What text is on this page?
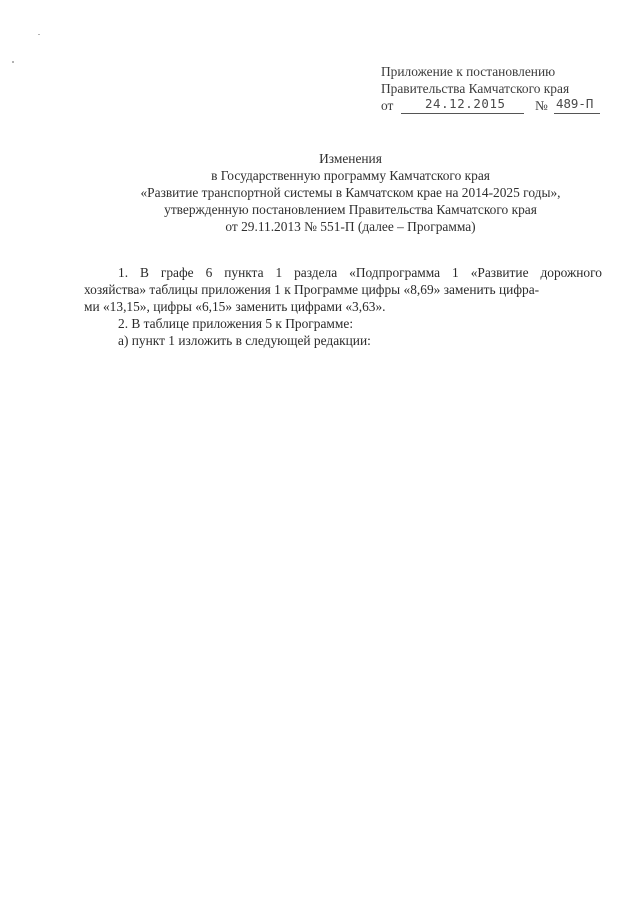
Приложение к постановлению
Правительства Камчатского края
от	24.12.2015 № 489-П
Изменения
в Государственную программу Камчатского края
«Развитие транспортной системы в Камчатском крае на 2014-2025 годы»,
утвержденную постановлением Правительства Камчатского края
от 29.11.2013 № 551-П (далее – Программа)
1. В графе 6 пункта 1 раздела «Подпрограмма 1 «Развитие дорожного
хозяйства» таблицы приложения 1 к Программе цифры «8,69» заменить цифра-
ми «13,15», цифры «6,15» заменить цифрами «3,63».
2. В таблице приложения 5 к Программе:
а) пункт 1 изложить в следующей редакции:
